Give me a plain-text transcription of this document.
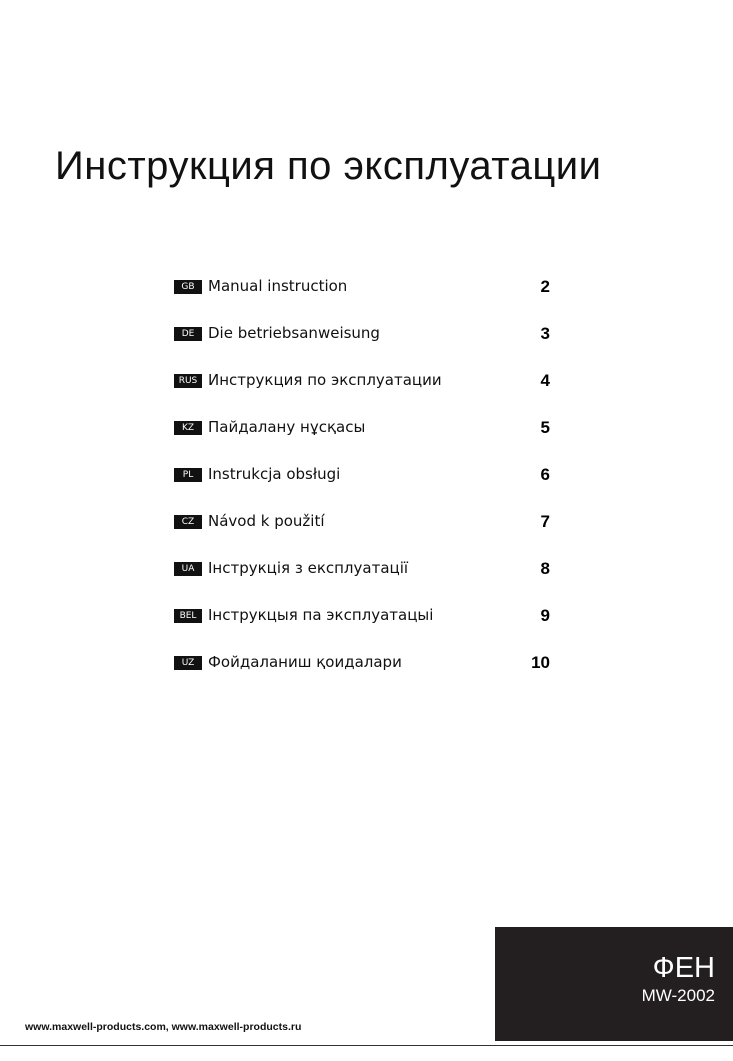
Инструкция по эксплуатации
GB Manual instruction	2
DE Die betriebsanweisung	3
RUS Инструкция по эксплуатации	4
KZ Пайдалану нұсқасы	5
PL Instrukcja obsługi	6
CZ Návod k použití	7
UA Інструкція з експлуатації	8
BEL Інструкцыя па эксплуатацыі	9
UZ Фойдаланиш қоидалари	10
ФЕН
MW-2002
www.maxwell-products.com, www.maxwell-products.ru
